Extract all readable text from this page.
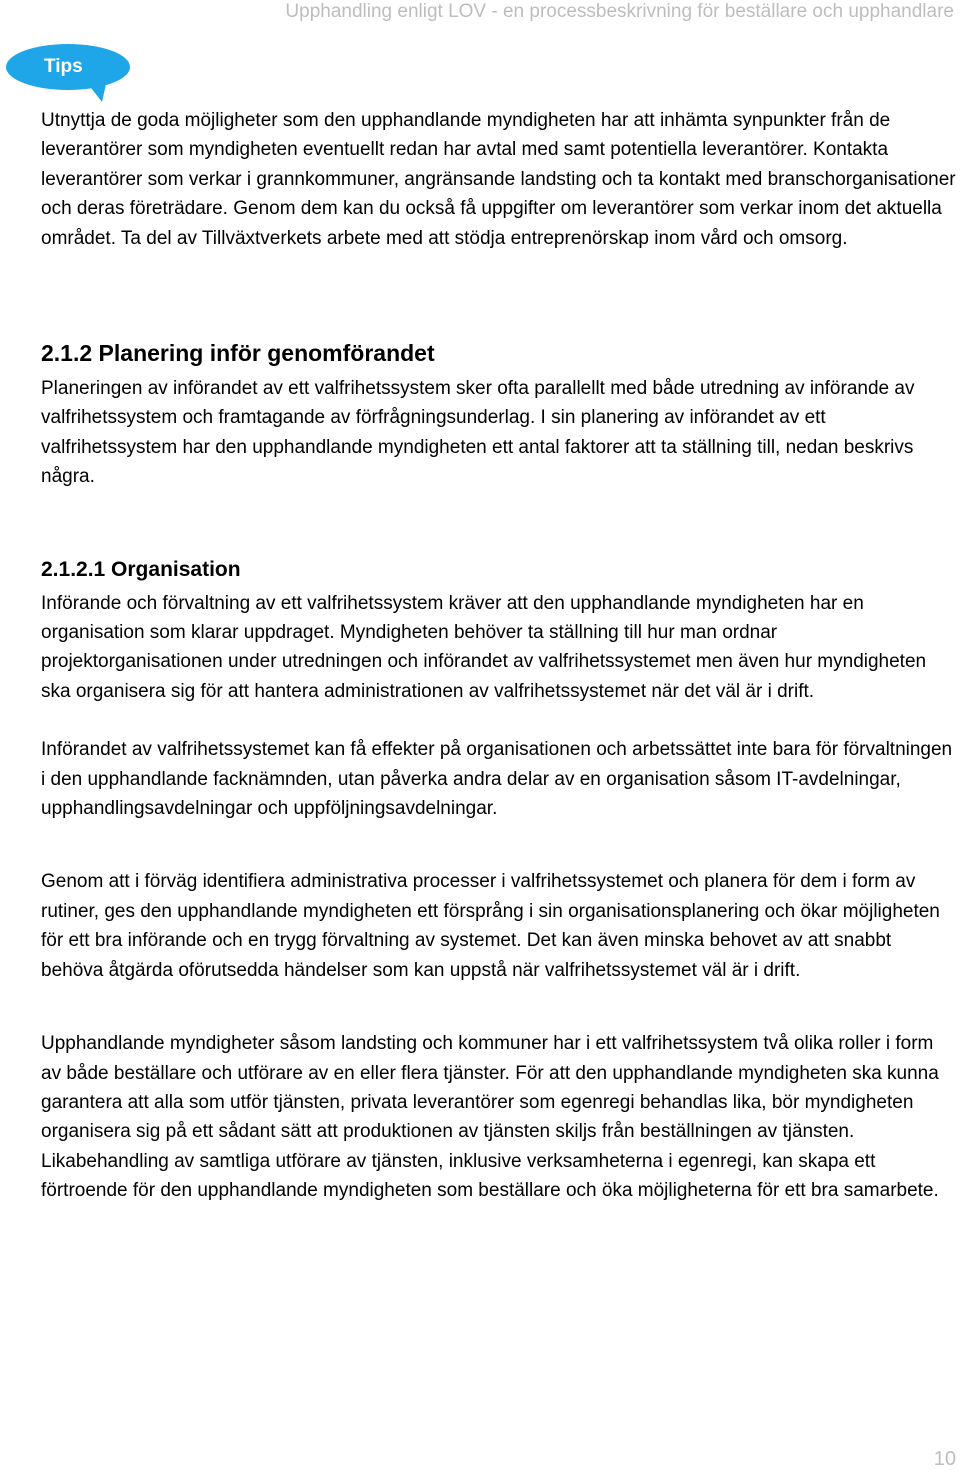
Upphandling enligt LOV - en processbeskrivning för beställare och upphandlare
Tips

Utnyttja de goda möjligheter som den upphandlande myndigheten har att inhämta synpunkter från de leverantörer som myndigheten eventuellt redan har avtal med samt potentiella leverantörer. Kontakta leverantörer som verkar i grannkommuner, angränsande landsting och ta kontakt med branschorganisationer och deras företrädare. Genom dem kan du också få uppgifter om leverantörer som verkar inom det aktuella området. Ta del av Tillväxtverkets arbete med att stödja entreprenörskap inom vård och omsorg.

2.1.2 Planering inför genomförandet

Planeringen av införandet av ett valfrihetssystem sker ofta parallellt med både utredning av införande av valfrihetssystem och framtagande av förfrågningsunderlag. I sin planering av införandet av ett valfrihetssystem har den upphandlande myndigheten ett antal faktorer att ta ställning till, nedan beskrivs några.

2.1.2.1 Organisation

Införande och förvaltning av ett valfrihetssystem kräver att den upphandlande myndigheten har en organisation som klarar uppdraget. Myndigheten behöver ta ställning till hur man ordnar projektorganisationen under utredningen och införandet av valfrihetssystemet men även hur myndigheten ska organisera sig för att hantera administrationen av valfrihetssystemet när det väl är i drift.

Införandet av valfrihetssystemet kan få effekter på organisationen och arbetssättet inte bara för förvaltningen i den upphandlande facknämnden, utan påverka andra delar av en organisation såsom IT-avdelningar, upphandlingsavdelningar och uppföljningsavdelningar.

Genom att i förväg identifiera administrativa processer i valfrihetssystemet och planera för dem i form av rutiner, ges den upphandlande myndigheten ett försprång i sin organisationsplanering och ökar möjligheten för ett bra införande och en trygg förvaltning av systemet. Det kan även minska behovet av att snabbt behöva åtgärda oförutsedda händelser som kan uppstå när valfrihetssystemet väl är i drift.

Upphandlande myndigheter såsom landsting och kommuner har i ett valfrihetssystem två olika roller i form av både beställare och utförare av en eller flera tjänster. För att den upphandlande myndigheten ska kunna garantera att alla som utför tjänsten, privata leverantörer som egenregi behandlas lika, bör myndigheten organisera sig på ett sådant sätt att produktionen av tjänsten skiljs från beställningen av tjänsten. Likabehandling av samtliga utförare av tjänsten, inklusive verksamheterna i egenregi, kan skapa ett förtroende för den upphandlande myndigheten som beställare och öka möjligheterna för ett bra samarbete.

10
